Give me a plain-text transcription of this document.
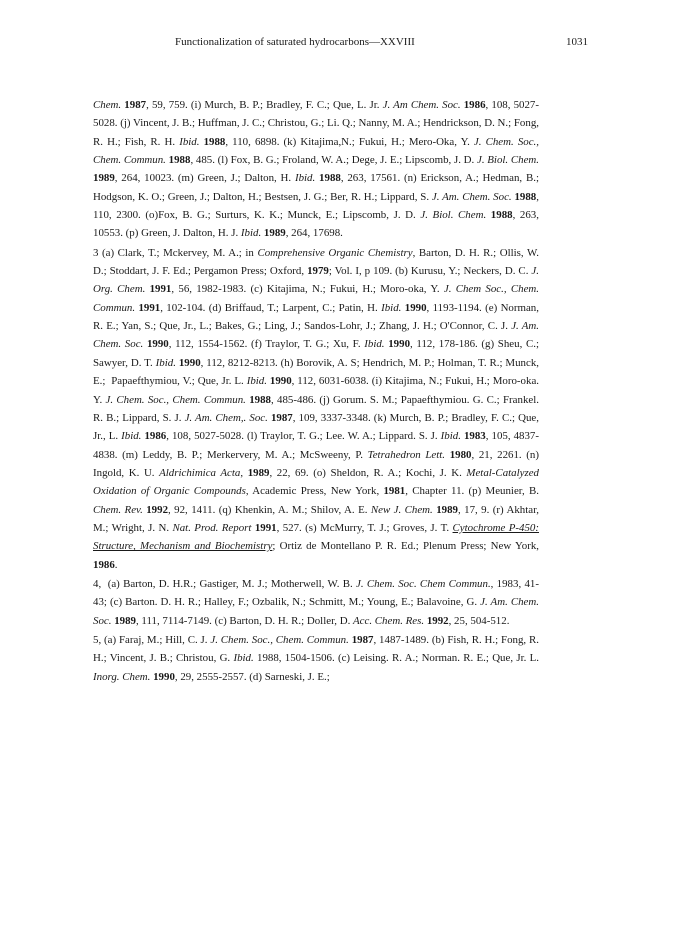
Functionalization of saturated hydrocarbons—XXVIII	1031

Chem. 1987, 59, 759. (i) Murch, B. P.; Bradley, F. C.; Que, L. Jr. J. Am Chem. Soc. 1986, 108, 5027-5028. (j) Vincent, J. B.; Huffman, J. C.; Christou, G.; Li. Q.; Nanny, M. A.; Hendrickson, D. N.; Fong, R. H.; Fish, R. H. Ibid. 1988, 110, 6898. (k) Kitajima,N.; Fukui, H.; Mero-Oka, Y. J. Chem. Soc., Chem. Commun. 1988, 485. (l) Fox, B. G.; Froland, W. A.; Dege, J. E.; Lipscomb, J. D. J. Biol. Chem. 1989, 264, 10023. (m) Green, J.; Dalton, H. Ibid. 1988, 263, 17561. (n) Erickson, A.; Hedman, B.; Hodgson, K. O.; Green, J.; Dalton, H.; Bestsen, J. G.; Ber, R. H.; Lippard, S. J. Am. Chem. Soc. 1988, 110, 2300. (o)Fox, B. G.; Surturs, K. K.; Munck, E.; Lipscomb, J. D. J. Biol. Chem. 1988, 263, 10553. (p) Green, J. Dalton, H. J. Ibid. 1989, 264, 17698.

3 (a) Clark, T.; Mckervey, M. A.; in Comprehensive Organic Chemistry, Barton, D. H. R.; Ollis, W. D.; Stoddart, J. F. Ed.; Pergamon Press; Oxford, 1979; Vol. I, p 109. (b) Kurusu, Y.; Neckers, D. C. J. Org. Chem. 1991, 56, 1982-1983. (c) Kitajima, N.; Fukui, H.; Moro-oka, Y. J. Chem Soc., Chem. Commun. 1991, 102-104. (d) Briffaud, T.; Larpent, C.; Patin, H. Ibid. 1990, 1193-1194. (e) Norman, R. E.; Yan, S.; Que, Jr., L.; Bakes, G.; Ling, J.; Sandos-Lohr, J.; Zhang, J. H.; O'Connor, C. J. J. Am. Chem. Soc. 1990, 112, 1554-1562. (f) Traylor, T. G.; Xu, F. Ibid. 1990, 112, 178-186. (g) Sheu, C.; Sawyer, D. T. Ibid. 1990, 112, 8212-8213. (h) Borovik, A. S; Hendrich, M. P.; Holman, T. R.; Munck, E.;  Papaefthymiou, V.; Que, Jr. L. Ibid. 1990, 112, 6031-6038. (i) Kitajima, N.; Fukui, H.; Moro-oka. Y. J. Chem. Soc., Chem. Commun. 1988, 485-486. (j) Gorum. S. M.; Papaefthymiou. G. C.; Frankel. R. B.; Lippard, S. J. J. Am. Chem,. Soc. 1987, 109, 3337-3348. (k) Murch, B. P.; Bradley, F. C.; Que, Jr., L. Ibid. 1986, 108, 5027-5028. (l) Traylor, T. G.; Lee. W. A.; Lippard. S. J. Ibid. 1983, 105, 4837-4838. (m) Leddy, B. P.; Merkervery, M. A.; McSweeny, P. Tetrahedron Lett. 1980, 21, 2261. (n) Ingold, K. U. Aldrichimica Acta, 1989, 22, 69. (o) Sheldon, R. A.; Kochi, J. K. Metal-Catalyzed Oxidation of Organic Compounds, Academic Press, New York, 1981, Chapter 11. (p) Meunier, B. Chem. Rev. 1992, 92, 1411. (q) Khenkin, A. M.; Shilov, A. E. New J. Chem. 1989, 17, 9. (r) Akhtar, M.; Wright, J. N. Nat. Prod. Report 1991, 527. (s) McMurry, T. J.; Groves, J. T. Cytochrome P-450: Structure, Mechanism and Biochemistry; Ortiz de Montellano P. R. Ed.; Plenum Press; New York, 1986.

4,  (a) Barton, D. H.R.; Gastiger, M. J.; Motherwell, W. B. J. Chem. Soc. Chem Commun., 1983, 41-43; (c) Barton. D. H. R.; Halley, F.; Ozbalik, N.; Schmitt, M.; Young, E.; Balavoine, G. J. Am. Chem. Soc. 1989, 111, 7114-7149. (c) Barton, D. H. R.; Doller, D. Acc. Chem. Res. 1992, 25, 504-512.

5, (a) Faraj, M.; Hill, C. J. J. Chem. Soc., Chem. Commun. 1987, 1487-1489. (b) Fish, R. H.; Fong, R. H.; Vincent, J. B.; Christou, G. Ibid. 1988, 1504-1506. (c) Leising. R. A.; Norman. R. E.; Que, Jr. L. Inorg. Chem. 1990, 29, 2555-2557. (d) Sarneski, J. E.;
